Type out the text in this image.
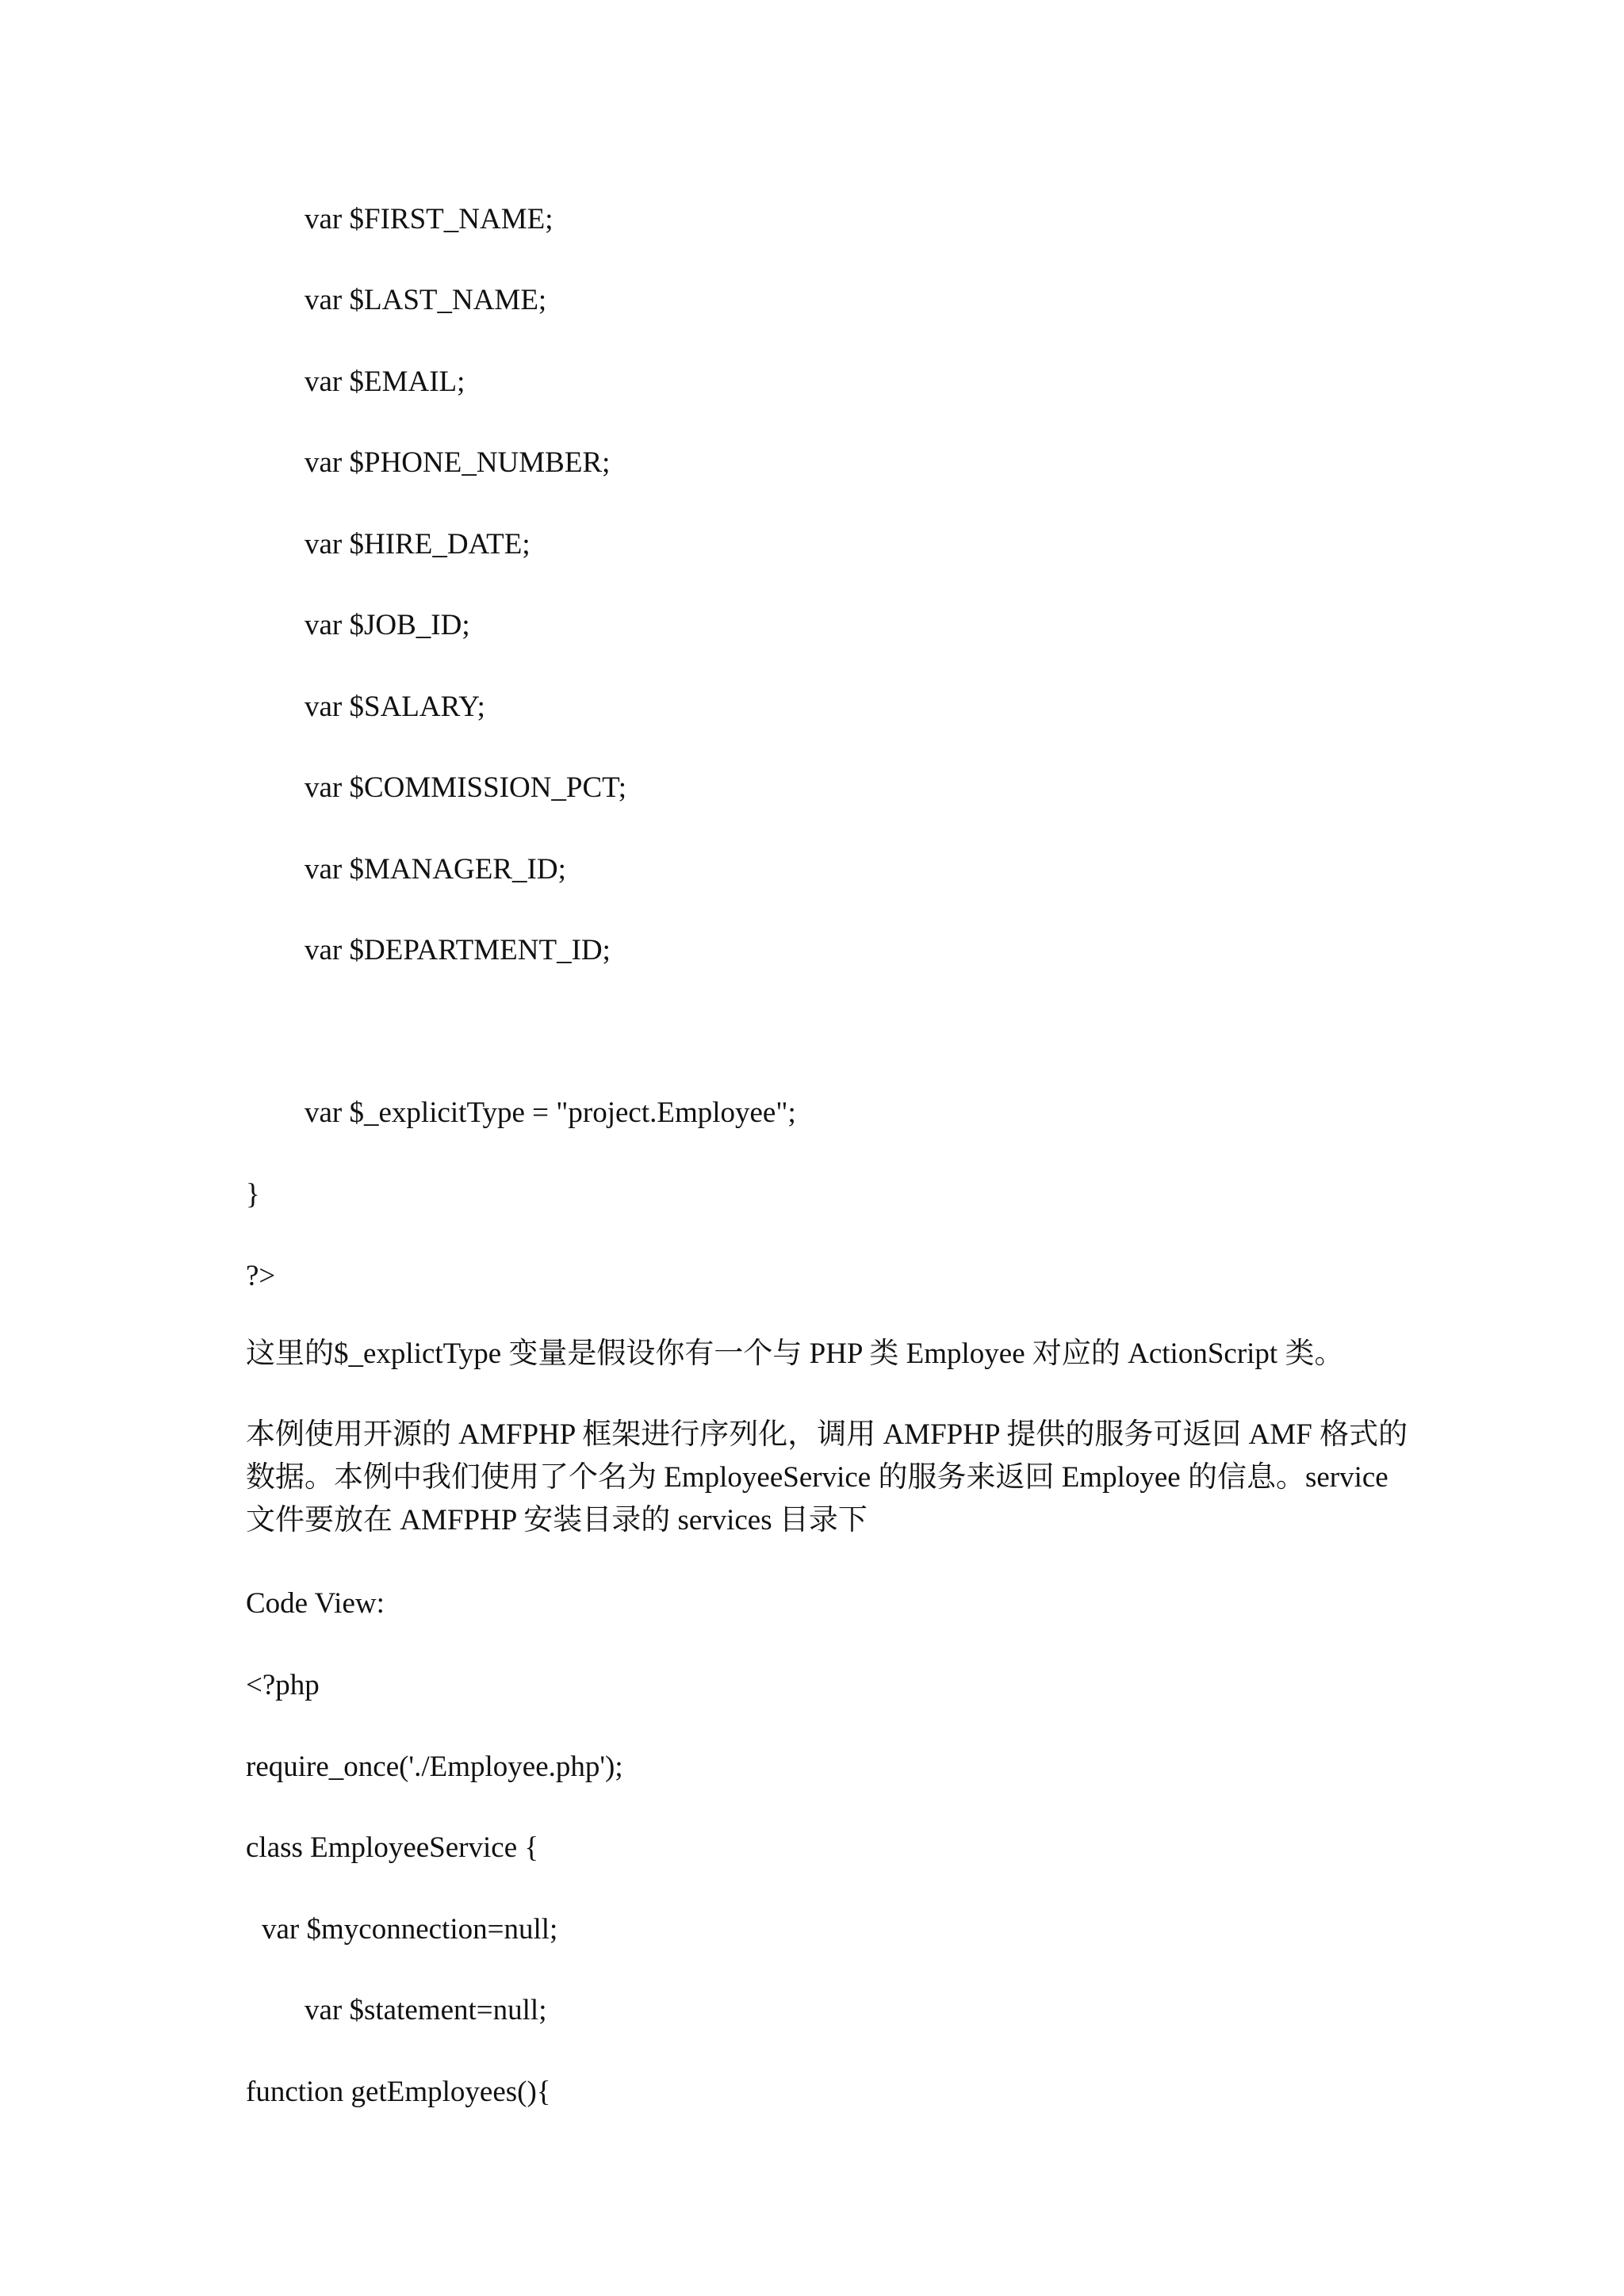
var $FIRST_NAME;
var $LAST_NAME;
var $EMAIL;
var $PHONE_NUMBER;
var $HIRE_DATE;
var $JOB_ID;
var $SALARY;
var $COMMISSION_PCT;
var $MANAGER_ID;
var $DEPARTMENT_ID;
var $_explicitType = "project.Employee";
}
?>
这里的$_explictType 变量是假设你有一个与 PHP 类 Employee 对应的 ActionScript 类。
本例使用开源的 AMFPHP 框架进行序列化，调用 AMFPHP 提供的服务可返回 AMF 格式的
数据。本例中我们使用了个名为 EmployeeService 的服务来返回 Employee 的信息。service
文件要放在 AMFPHP 安装目录的 services 目录下
Code View:
<?php
require_once('./Employee.php');
class EmployeeService {
var $myconnection=null;
var $statement=null;
function getEmployees(){
